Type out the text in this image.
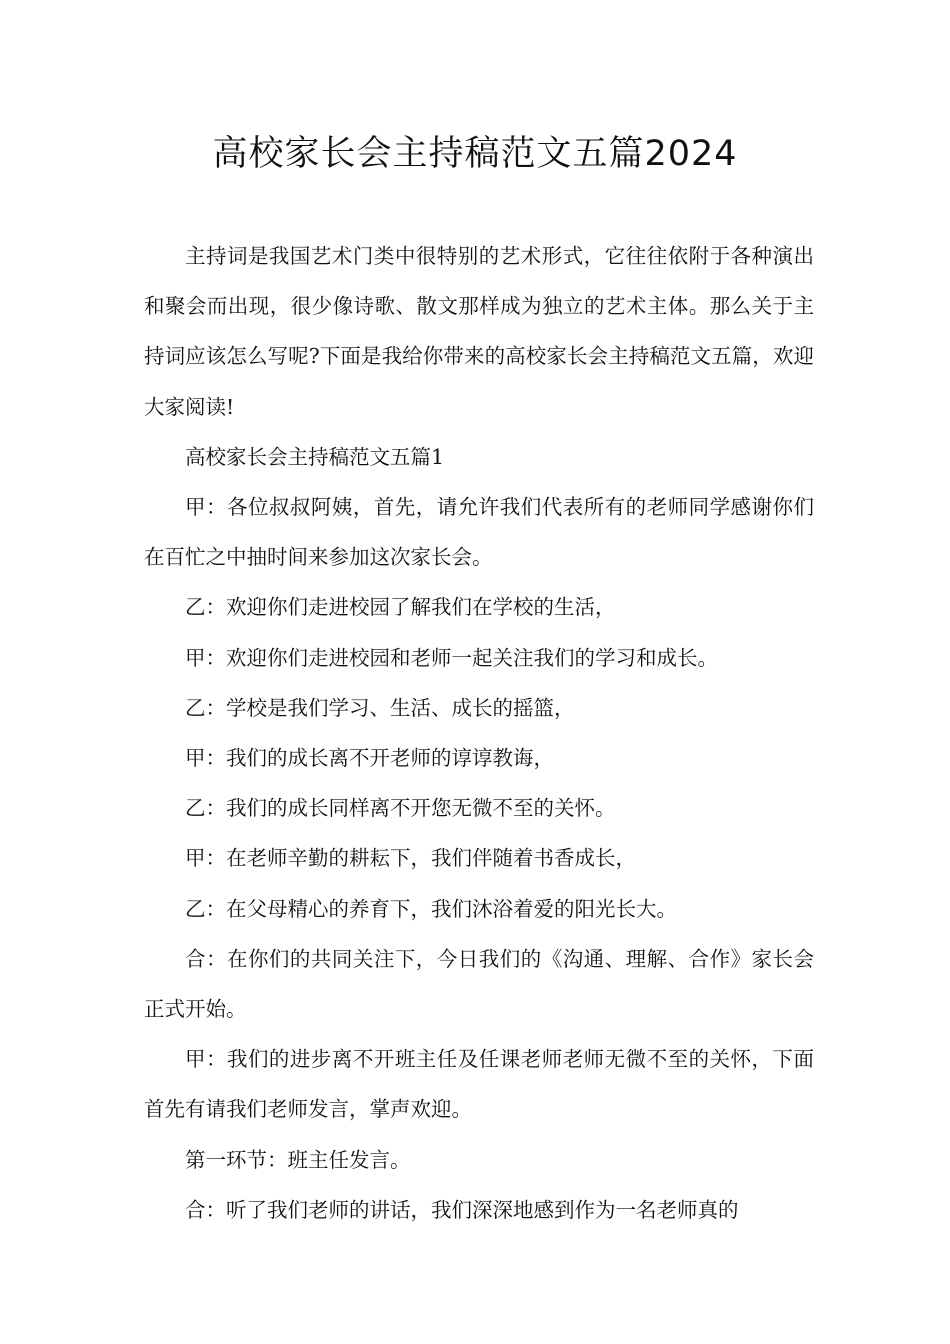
高校家长会主持稿范文五篇2024

主持词是我国艺术门类中很特别的艺术形式，它往往依附于各种演出和聚会而出现，很少像诗歌、散文那样成为独立的艺术主体。那么关于主持词应该怎么写呢?下面是我给你带来的高校家长会主持稿范文五篇，欢迎大家阅读!

高校家长会主持稿范文五篇1

甲：各位叔叔阿姨，首先，请允许我们代表所有的老师同学感谢你们在百忙之中抽时间来参加这次家长会。

乙：欢迎你们走进校园了解我们在学校的生活，

甲：欢迎你们走进校园和老师一起关注我们的学习和成长。

乙：学校是我们学习、生活、成长的摇篮，

甲：我们的成长离不开老师的谆谆教诲，

乙：我们的成长同样离不开您无微不至的关怀。

甲：在老师辛勤的耕耘下，我们伴随着书香成长，

乙：在父母精心的养育下，我们沐浴着爱的阳光长大。

合：在你们的共同关注下，今日我们的《沟通、理解、合作》家长会正式开始。

甲：我们的进步离不开班主任及任课老师老师无微不至的关怀，下面首先有请我们老师发言，掌声欢迎。

第一环节：班主任发言。

合：听了我们老师的讲话，我们深深地感到作为一名老师真的
